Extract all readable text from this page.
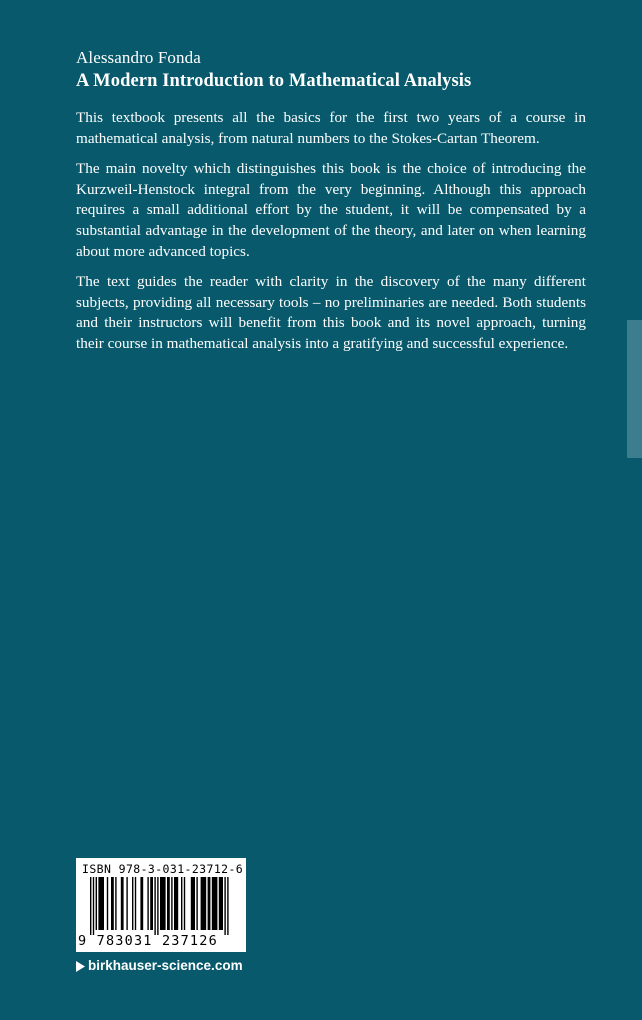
Alessandro Fonda
A Modern Introduction to Mathematical Analysis

This textbook presents all the basics for the first two years of a course in mathematical analysis, from natural numbers to the Stokes-Cartan Theorem.

The main novelty which distinguishes this book is the choice of introducing the Kurzweil-Henstock integral from the very beginning. Although this approach requires a small additional effort by the student, it will be compensated by a substantial advantage in the development of the theory, and later on when learning about more advanced topics.

The text guides the reader with clarity in the discovery of the many different subjects, providing all necessary tools – no preliminaries are needed. Both students and their instructors will benefit from this book and its novel approach, turning their course in mathematical analysis into a gratifying and successful experience.

ISBN 978-3-031-23712-6
9 783031 237126
birkhauser-science.com
